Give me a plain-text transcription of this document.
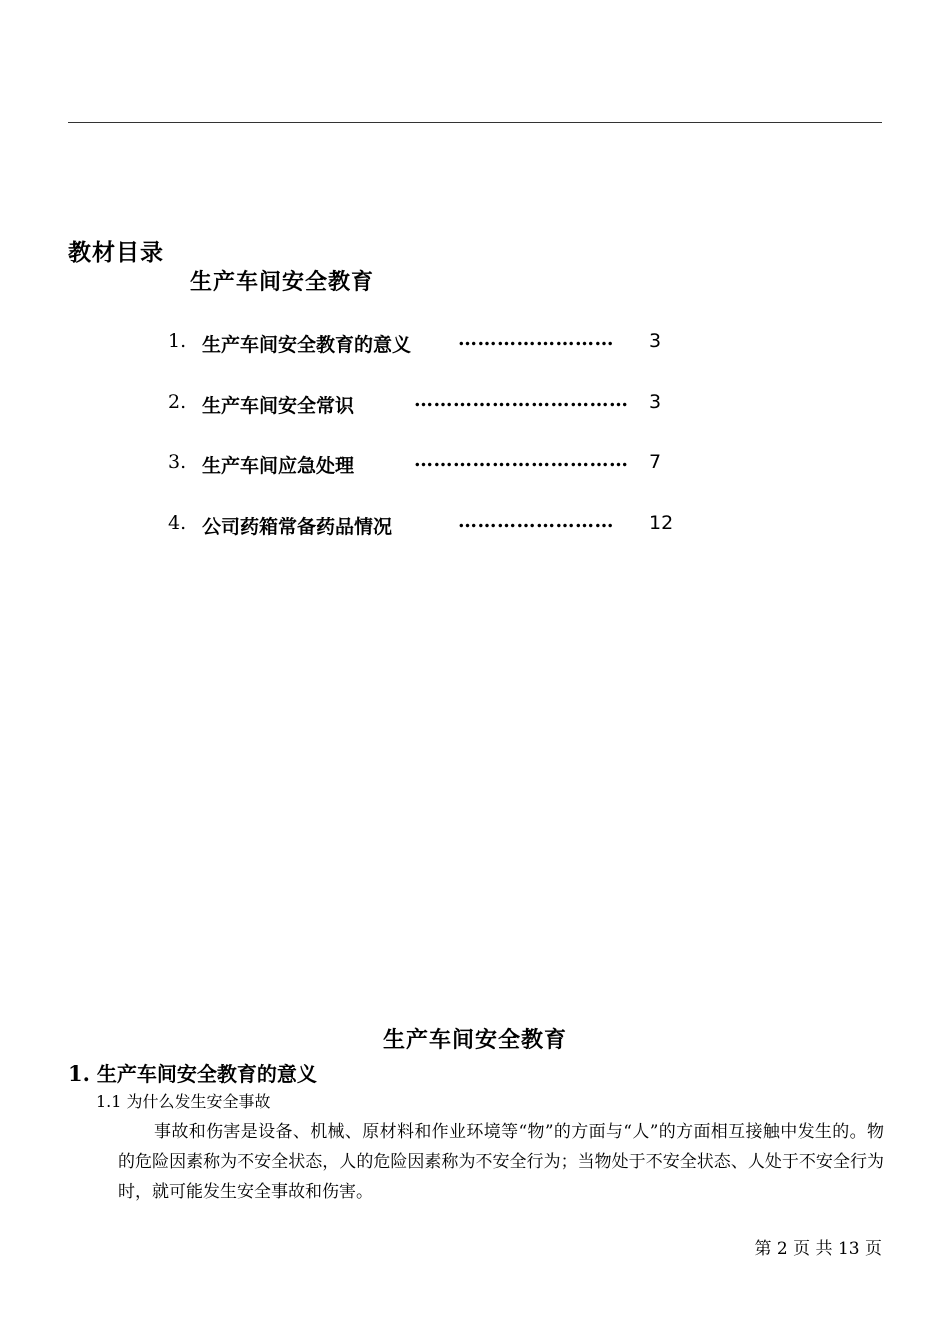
教材目录
生产车间安全教育
1. 生产车间安全教育的意义 …………………… 3
2. 生产车间安全常识	…………………………… 3
3. 生产车间应急处理	…………………………… 7
4. 公司药箱常备药品情况	…………………… 12
生产车间安全教育
1. 生产车间安全教育的意义
1.1 为什么发生安全事故

事故和伤害是设备、机械、原材料和作业环境等“物”的方面与“人”的方面相互接触中发生的。物的危险因素称为不安全状态，人的危险因素称为不安全行为；当物处于不安全状态、人处于不安全行为时，就可能发生安全事故和伤害。

第 2 页 共 13 页
